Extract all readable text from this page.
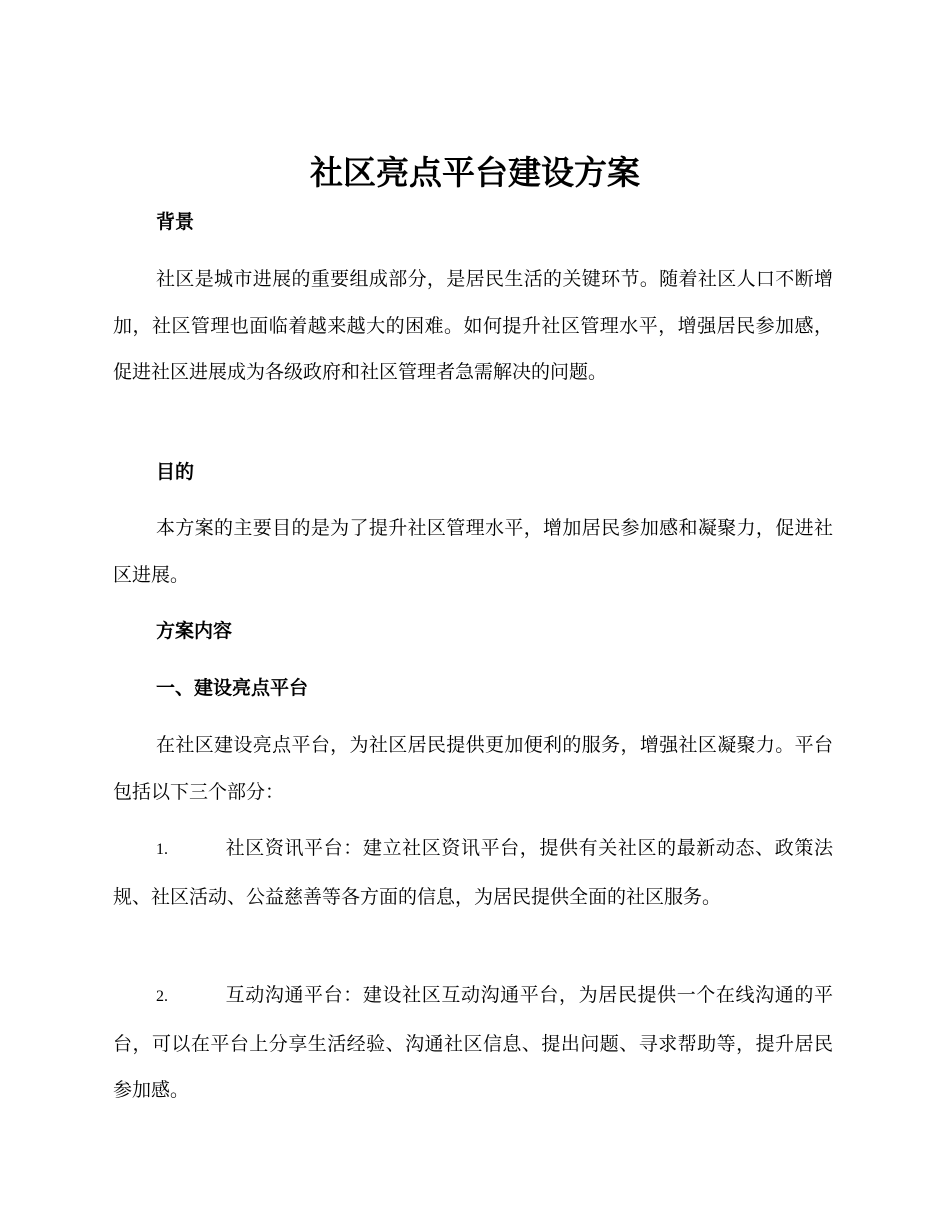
社区亮点平台建设方案
背景
社区是城市进展的重要组成部分，是居民生活的关键环节。随着社区人口不断增加，社区管理也面临着越来越大的困难。如何提升社区管理水平，增强居民参加感，促进社区进展成为各级政府和社区管理者急需解决的问题。
目的
本方案的主要目的是为了提升社区管理水平，增加居民参加感和凝聚力，促进社区进展。
方案内容
一、建设亮点平台
在社区建设亮点平台，为社区居民提供更加便利的服务，增强社区凝聚力。平台包括以下三个部分：
1.	社区资讯平台：建立社区资讯平台，提供有关社区的最新动态、政策法规、社区活动、公益慈善等各方面的信息，为居民提供全面的社区服务。
2.	互动沟通平台：建设社区互动沟通平台，为居民提供一个在线沟通的平台，可以在平台上分享生活经验、沟通社区信息、提出问题、寻求帮助等，提升居民参加感。
